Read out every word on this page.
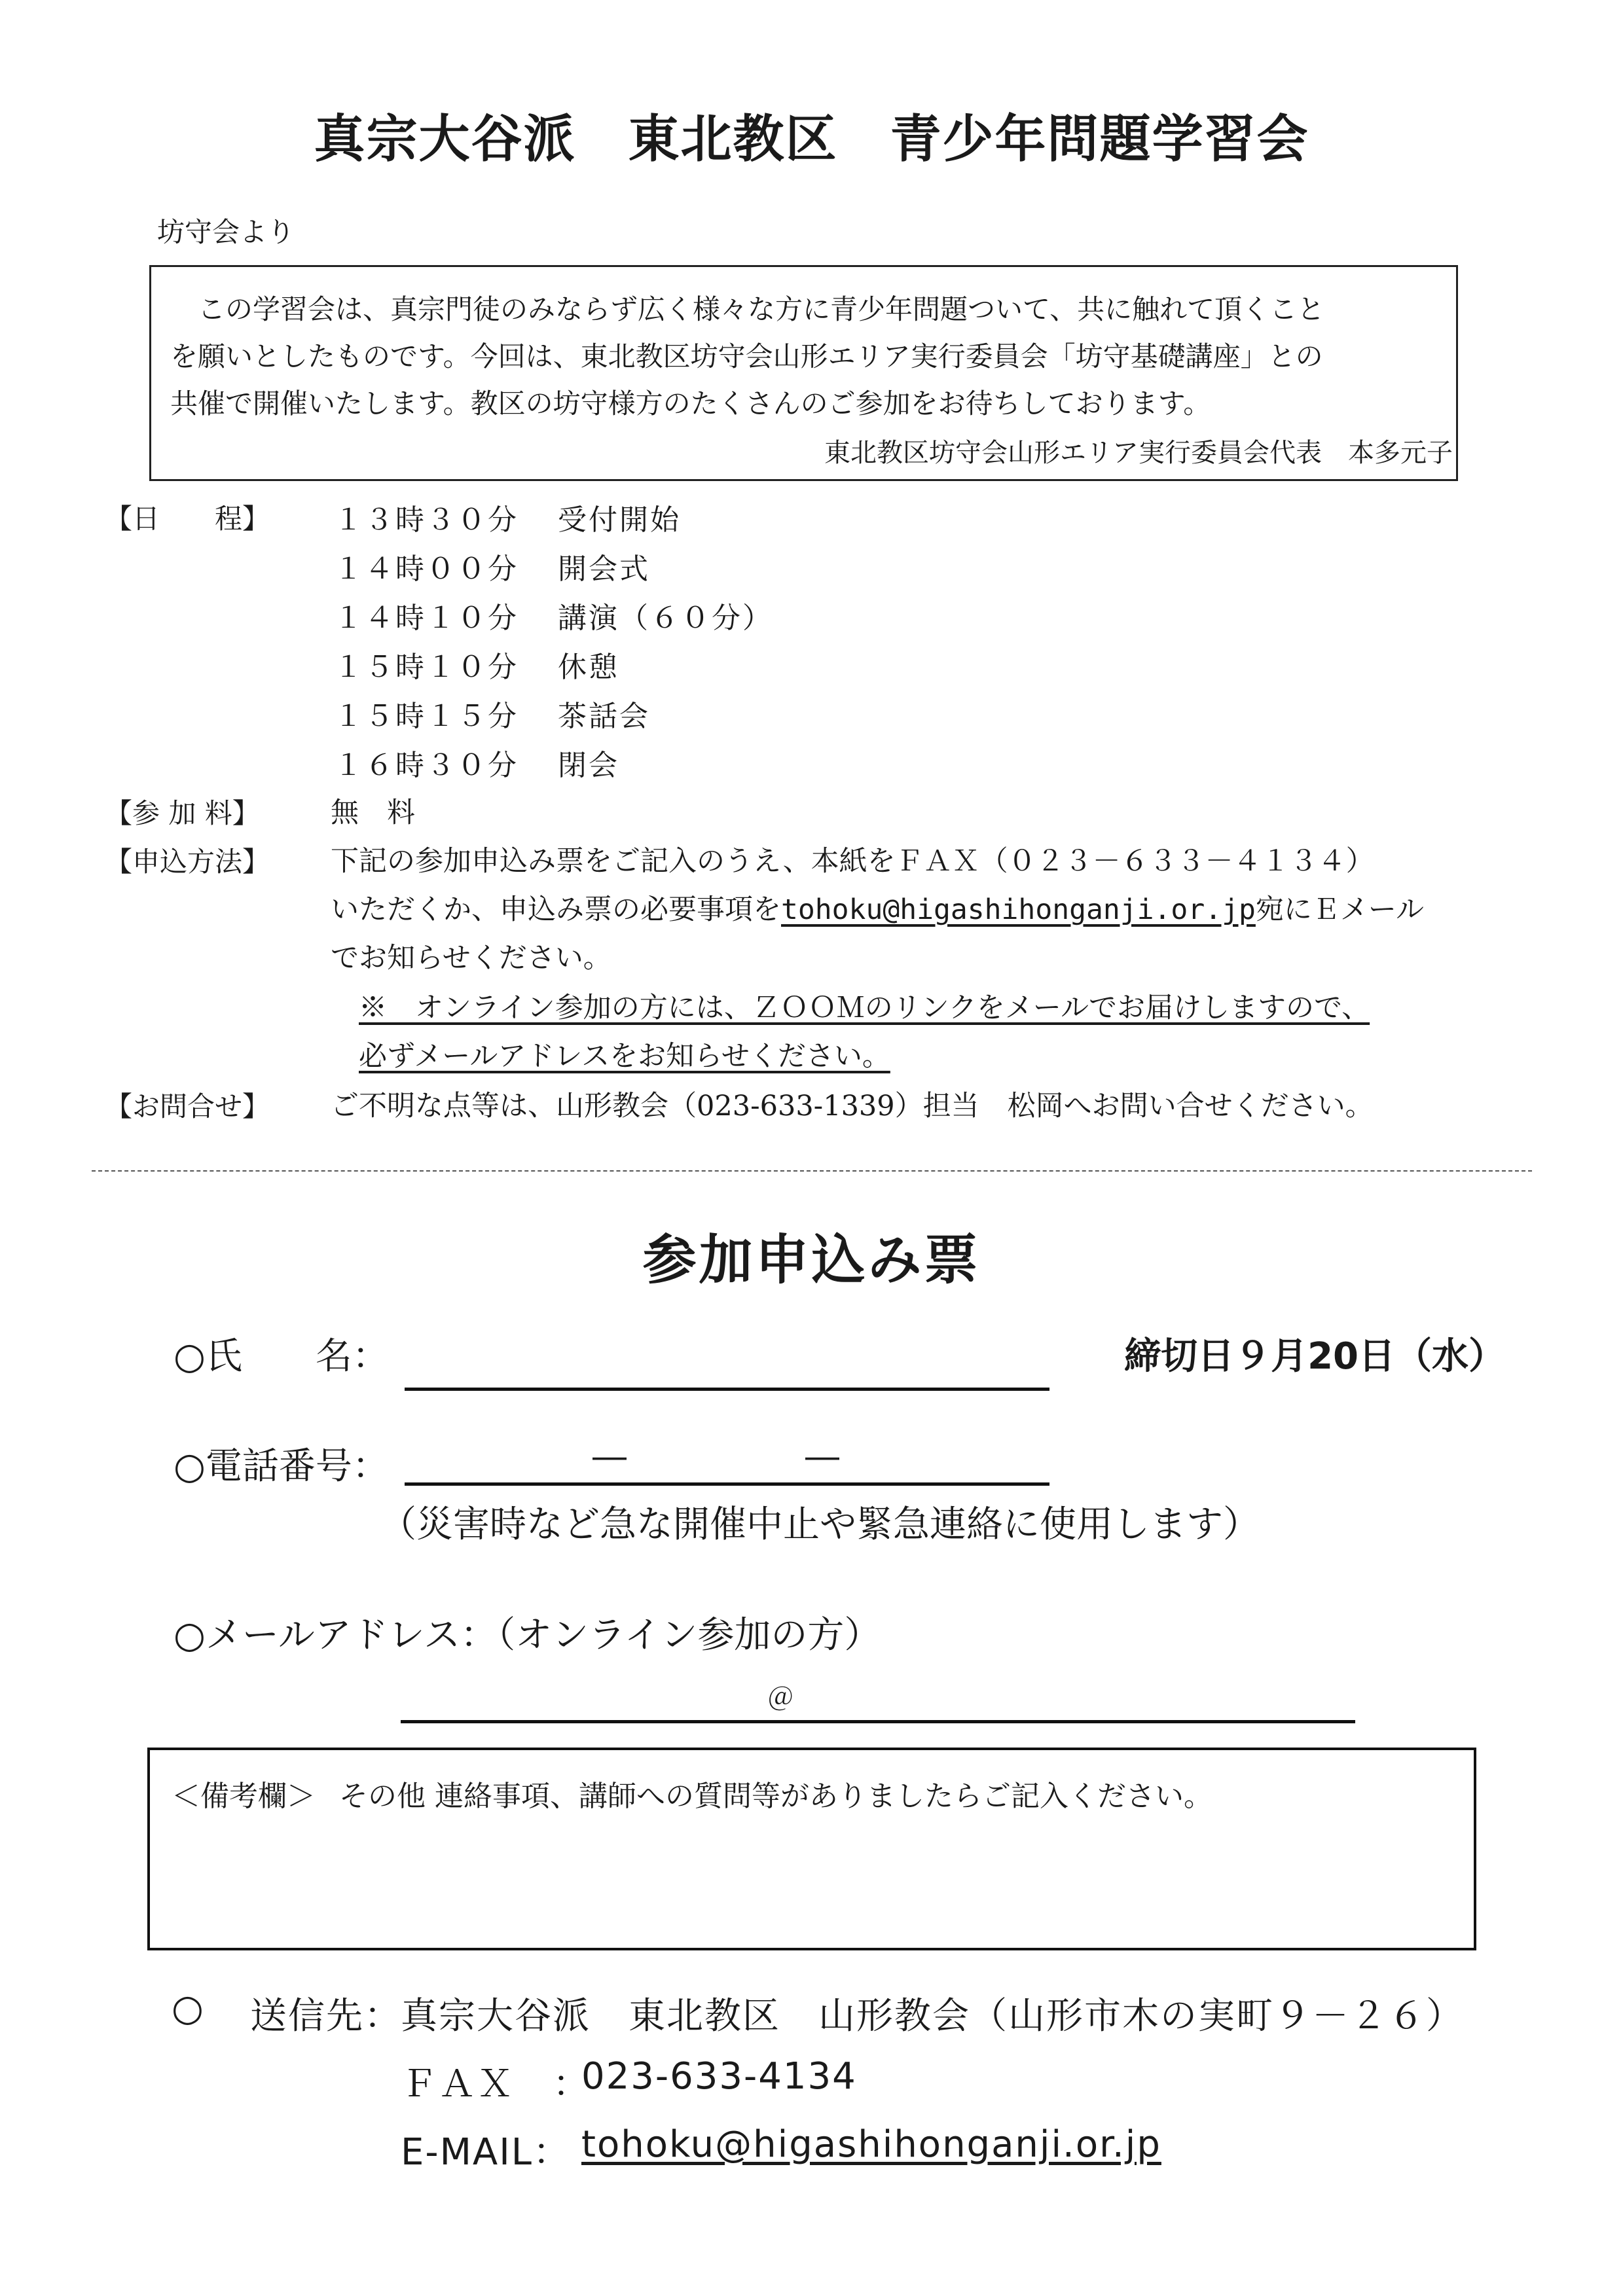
真宗大谷派　東北教区　青少年問題学習会
坊守会より
　この学習会は、真宗門徒のみならず広く様々な方に青少年問題ついて、共に触れて頂くこと
を願いとしたものです。今回は、東北教区坊守会山形エリア実行委員会「坊守基礎講座」との
共催で開催いたします。教区の坊守様方のたくさんのご参加をお待ちしております。
東北教区坊守会山形エリア実行委員会代表　本多元子
【日　　程】 １３時３０分 受付開始
１４時００分 開会式
１４時１０分 講演（６０分）
１５時１０分 休憩
１５時１５分 茶話会
１６時３０分 閉会
【参 加 料】	無　料
【申込方法】 下記の参加申込み票をご記入のうえ、本紙をＦＡＸ（０２３－６３３－４１３４）
いただくか、申込み票の必要事項をtohoku@higashihonganji.or.jp宛にＥメール
でお知らせください。
※　オンライン参加の方には、ＺＯＯＭのリンクをメールでお届けしますので、
必ずメールアドレスをお知らせください。
【お問合せ】 ご不明な点等は、山形教会（023-633-1339）担当　松岡へお問い合せください。
参加申込み票
○氏　　名：	締切日９月20日（水）
○電話番号：	―	―
（災害時など急な開催中止や緊急連絡に使用します）
○メールアドレス：（オンライン参加の方）
＠
＜備考欄＞ その他 連絡事項、講師への質問等がありましたらご記入ください。
○ 送信先：
真宗大谷派　東北教区　山形教会（山形市木の実町９－２６）
ＦＡＸ　：
023-633-4134
E-MAIL： tohoku@higashihonganji.or.jp
